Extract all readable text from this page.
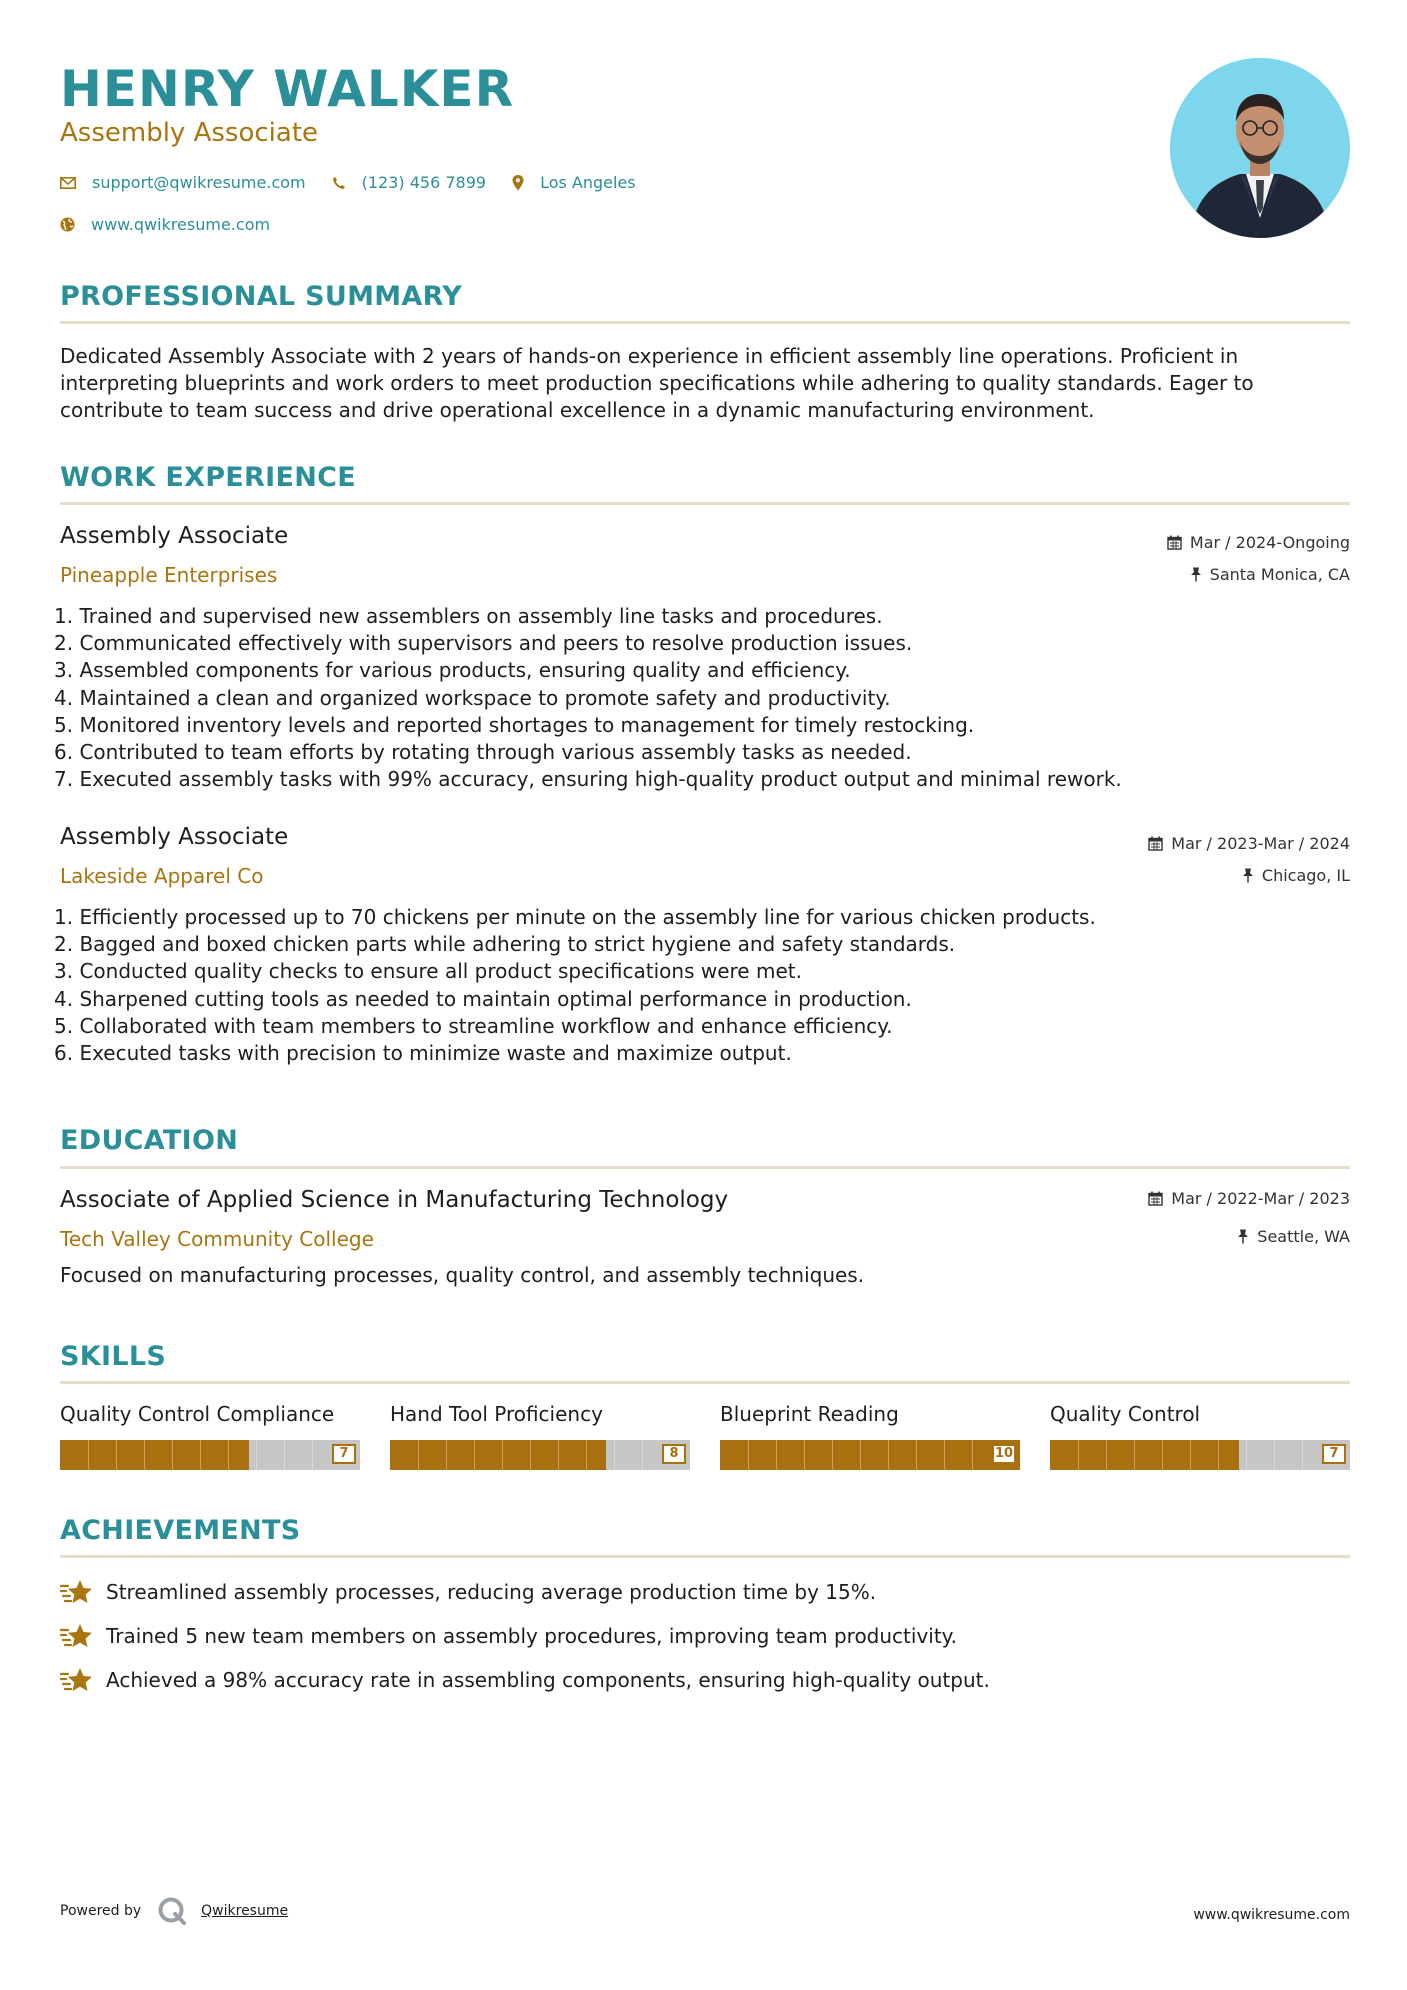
HENRY WALKER
Assembly Associate
support@qwikresume.com	(123) 456 7899	Los Angeles
www.qwikresume.com
PROFESSIONAL SUMMARY
Dedicated Assembly Associate with 2 years of hands-on experience in efficient assembly line operations. Proficient in
interpreting blueprints and work orders to meet production specifications while adhering to quality standards. Eager to
contribute to team success and drive operational excellence in a dynamic manufacturing environment.
WORK EXPERIENCE
Assembly Associate
Pineapple Enterprises
Mar / 2024-Ongoing
Santa Monica, CA
1. Trained and supervised new assemblers on assembly line tasks and procedures.
2. Communicated effectively with supervisors and peers to resolve production issues.
3. Assembled components for various products, ensuring quality and efficiency.
4. Maintained a clean and organized workspace to promote safety and productivity.
5. Monitored inventory levels and reported shortages to management for timely restocking.
6. Contributed to team efforts by rotating through various assembly tasks as needed.
7. Executed assembly tasks with 99% accuracy, ensuring high-quality product output and minimal rework.
Assembly Associate
Lakeside Apparel Co
Mar / 2023-Mar / 2024
Chicago, IL
1. Efficiently processed up to 70 chickens per minute on the assembly line for various chicken products.
2. Bagged and boxed chicken parts while adhering to strict hygiene and safety standards.
3. Conducted quality checks to ensure all product specifications were met.
4. Sharpened cutting tools as needed to maintain optimal performance in production.
5. Collaborated with team members to streamline workflow and enhance efficiency.
6. Executed tasks with precision to minimize waste and maximize output.
EDUCATION
Associate of Applied Science in Manufacturing Technology
Tech Valley Community College
Mar / 2022-Mar / 2023
Seattle, WA
Focused on manufacturing processes, quality control, and assembly techniques.
SKILLS
Quality Control Compliance
7
Hand Tool Proficiency
8
Blueprint Reading
10
Quality Control
7
ACHIEVEMENTS
Streamlined assembly processes, reducing average production time by 15%.
Trained 5 new team members on assembly procedures, improving team productivity.
Achieved a 98% accuracy rate in assembling components, ensuring high-quality output.
Powered by	Qwikresume	www.qwikresume.com
